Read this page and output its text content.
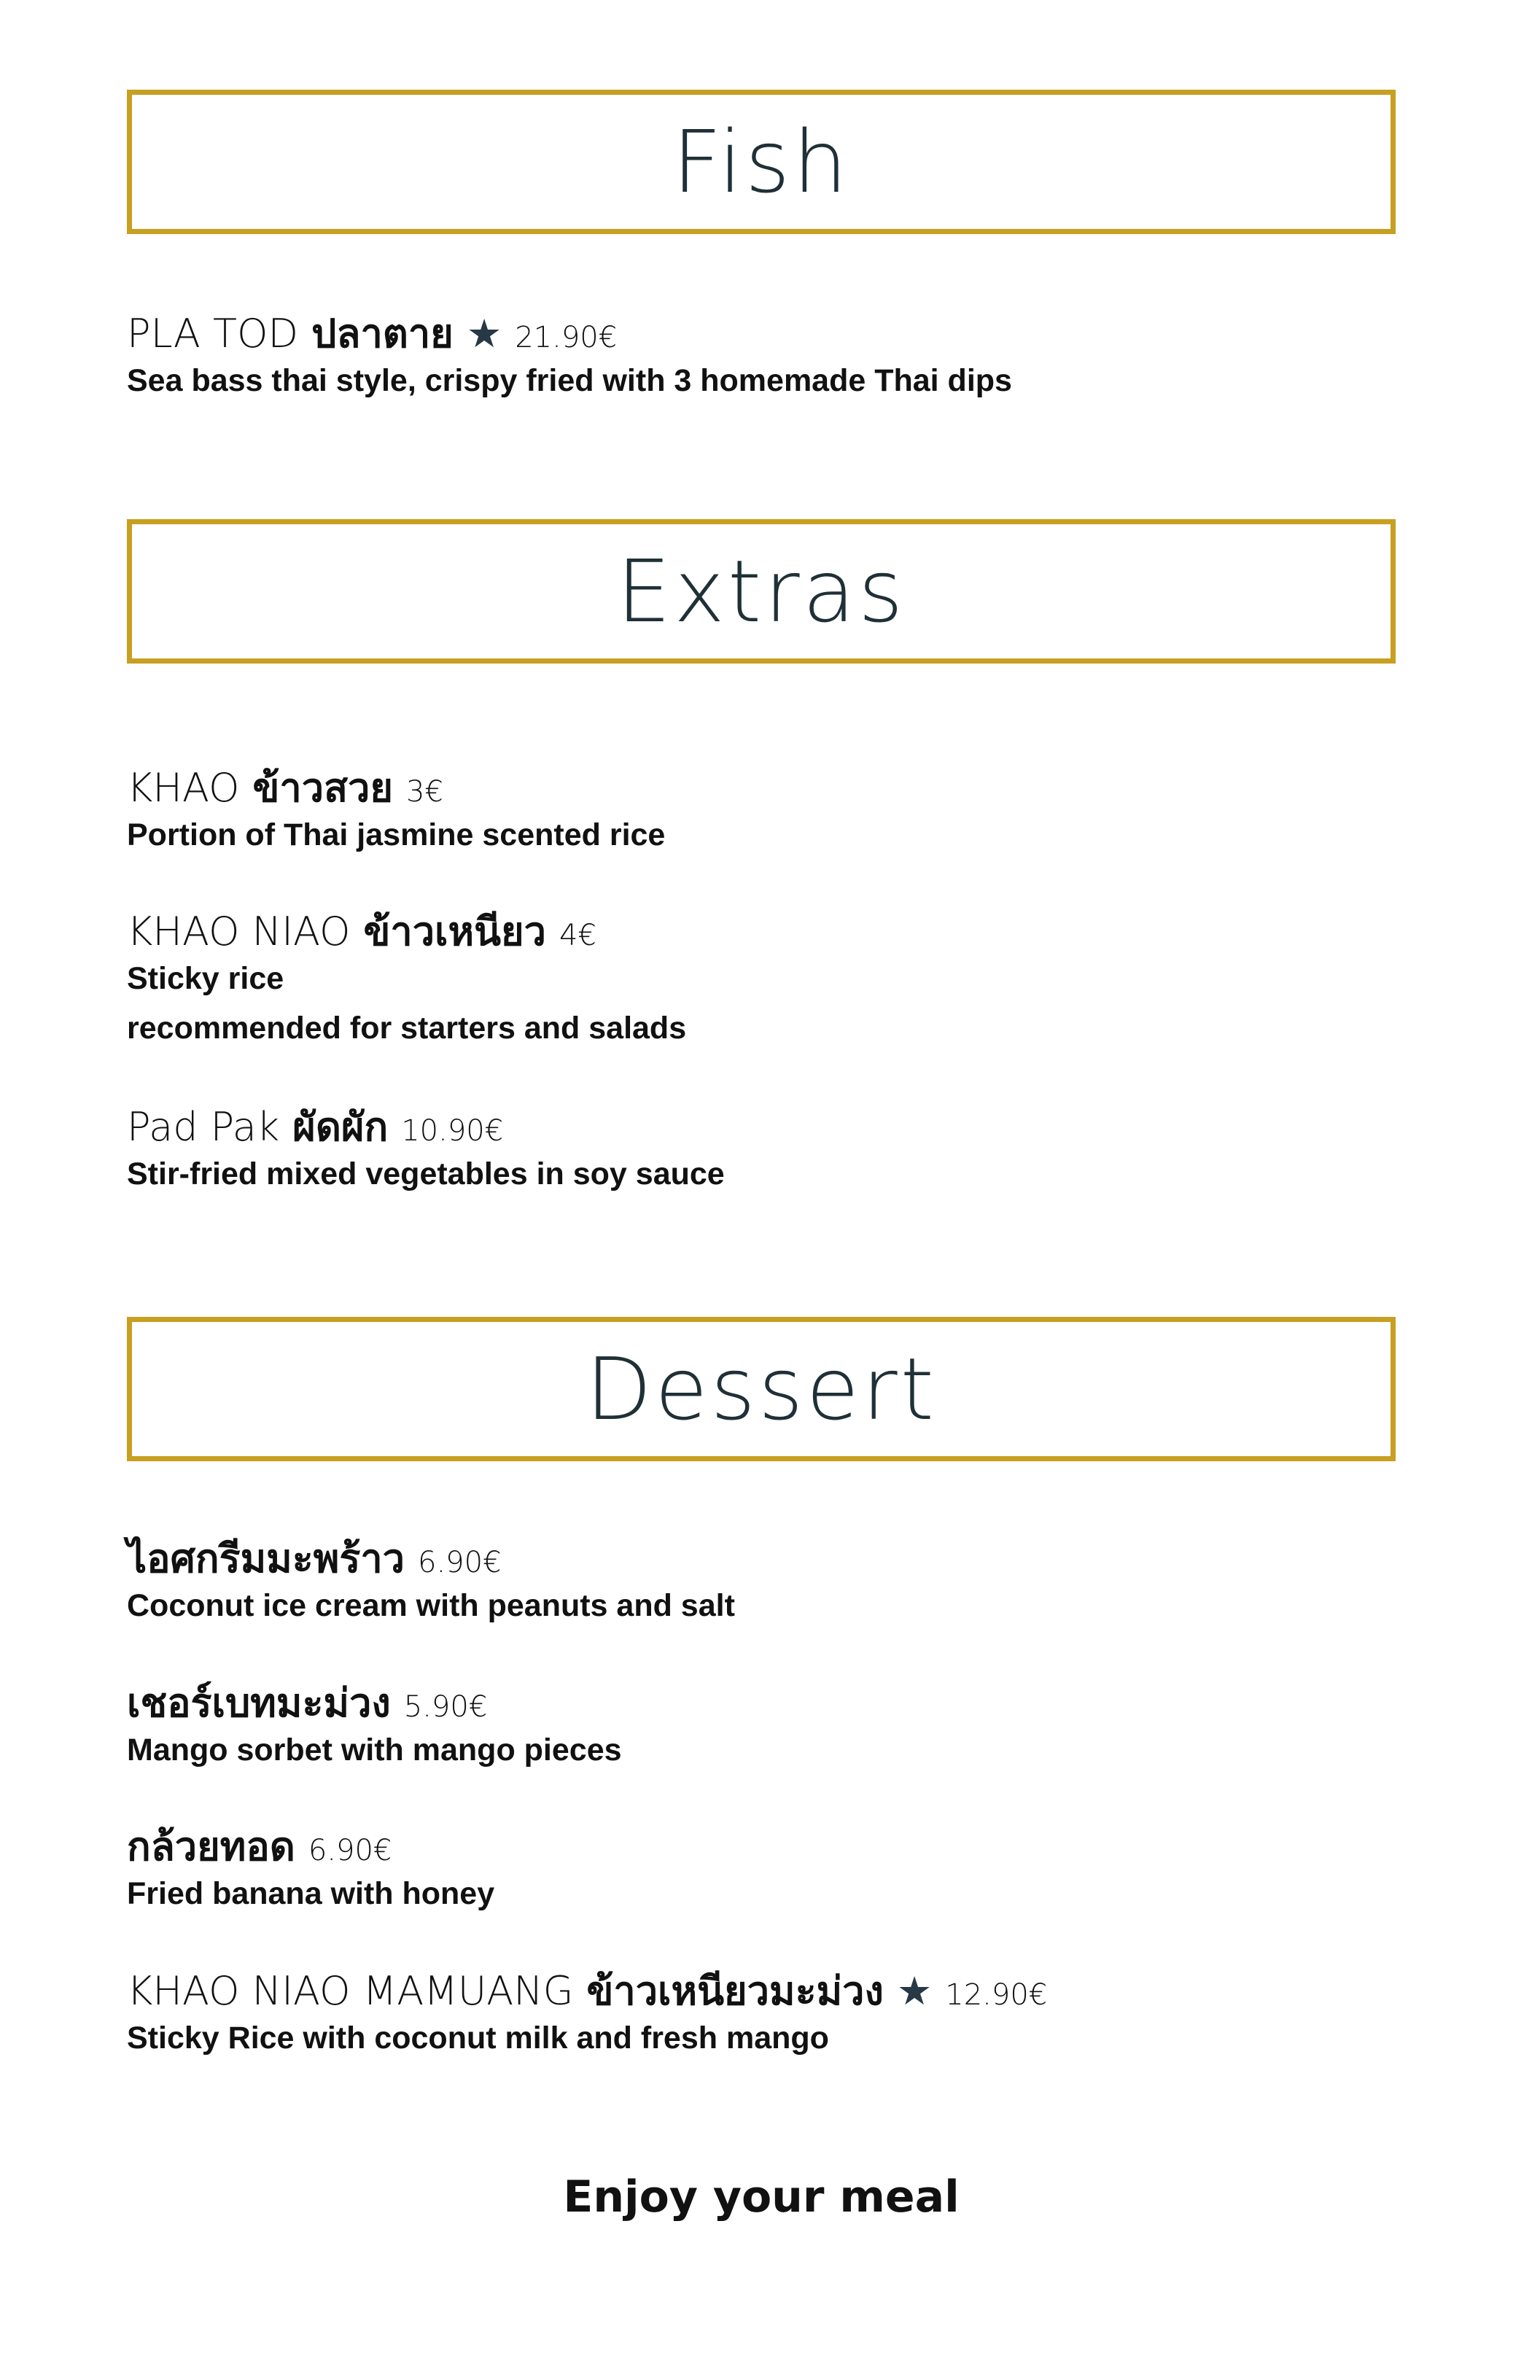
Fish
PLA TOD ปลาตาย ★ 21.90€
Sea bass thai style, crispy fried with 3 homemade Thai dips
Extras
KHAO ข้าวสวย 3€
Portion of Thai jasmine scented rice
KHAO NIAO ข้าวเหนียว 4€
Sticky rice
recommended for starters and salads
Pad Pak ผัดผัก 10.90€
Stir-fried mixed vegetables in soy sauce
Dessert
ไอศกรีมมะพร้าว 6.90€
Coconut ice cream with peanuts and salt
เชอร์เบทมะม่วง 5.90€
Mango sorbet with mango pieces
กล้วยทอด 6.90€
Fried banana with honey
KHAO NIAO MAMUANG ข้าวเหนียวมะม่วง ★ 12.90€
Sticky Rice with coconut milk and fresh mango
Enjoy your meal
